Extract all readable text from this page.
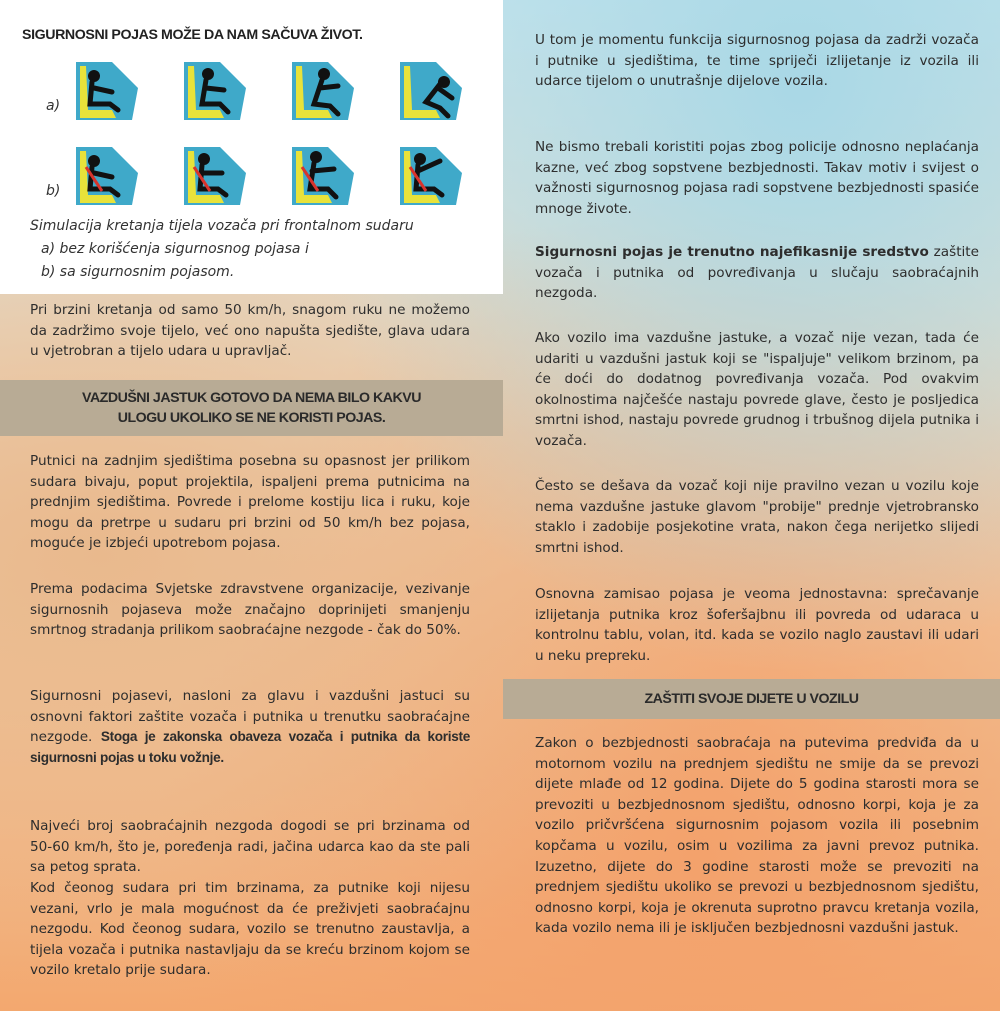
SIGURNOSNI POJAS MOŽE DA NAM SAČUVA ŽIVOT.
a)
b)
Simulacija kretanja tijela vozača pri frontalnom sudaru
a) bez korišćenja sigurnosnog pojasa i
b) sa sigurnosnim pojasom.

Pri brzini kretanja od samo 50 km/h, snagom ruku ne možemo da zadržimo svoje tijelo, već ono napušta sjedište, glava udara u vjetrobran a tijelo udara u upravljač.

VAZDUŠNI JASTUK GOTOVO DA NEMA BILO KAKVU
ULOGU UKOLIKO SE NE KORISTI POJAS.

Putnici na zadnjim sjedištima posebna su opasnost jer prilikom sudara bivaju, poput projektila, ispaljeni prema putnicima na prednjim sjedištima. Povrede i prelome kostiju lica i ruku, koje mogu da pretrpe u sudaru pri brzini od 50 km/h bez pojasa, moguće je izbjeći upotrebom pojasa.

Prema podacima Svjetske zdravstvene organizacije, vezivanje sigurnosnih pojaseva može značajno doprinijeti smanjenju smrtnog stradanja prilikom saobraćajne nezgode - čak do 50%.

Sigurnosni pojasevi, nasloni za glavu i vazdušni jastuci su osnovni faktori zaštite vozača i putnika u trenutku saobraćajne nezgode. Stoga je zakonska obaveza vozača i putnika da koriste sigurnosni pojas u toku vožnje.

Najveći broj saobraćajnih nezgoda dogodi se pri brzinama od 50-60 km/h, što je, poređenja radi, jačina udarca kao da ste pali sa petog sprata.

Kod čeonog sudara pri tim brzinama, za putnike koji nijesu vezani, vrlo je mala mogućnost da će preživjeti saobraćajnu nezgodu. Kod čeonog sudara, vozilo se trenutno zaustavlja, a tijela vozača i putnika nastavljaju da se kreću brzinom kojom se vozilo kretalo prije sudara.

U tom je momentu funkcija sigurnosnog pojasa da zadrži vozača i putnike u sjedištima, te time spriječi izlijetanje iz vozila ili udarce tijelom o unutrašnje dijelove vozila.

Ne bismo trebali koristiti pojas zbog policije odnosno neplaćanja kazne, već zbog sopstvene bezbjednosti. Takav motiv i svijest o važnosti sigurnosnog pojasa radi sopstvene bezbjednosti spasiće mnoge živote.

Sigurnosni pojas je trenutno najefikasnije sredstvo zaštite vozača i putnika od povređivanja u slučaju saobraćajnih nezgoda.

Ako vozilo ima vazdušne jastuke, a vozač nije vezan, tada će udariti u vazdušni jastuk koji se "ispaljuje" velikom brzinom, pa će doći do dodatnog povređivanja vozača. Pod ovakvim okolnostima najčešće nastaju povrede glave, često je posljedica smrtni ishod, nastaju povrede grudnog i trbušnog dijela putnika i vozača.

Često se dešava da vozač koji nije pravilno vezan u vozilu koje nema vazdušne jastuke glavom "probije" prednje vjetrobransko staklo i zadobije posjekotine vrata, nakon čega nerijetko slijedi smrtni ishod.

Osnovna zamisao pojasa je veoma jednostavna: sprečavanje izlijetanja putnika kroz šoferšajbnu ili povreda od udaraca u kontrolnu tablu, volan, itd. kada se vozilo naglo zaustavi ili udari u neku prepreku.

ZAŠTITI SVOJE DIJETE U VOZILU

Zakon o bezbjednosti saobraćaja na putevima predviđa da u motornom vozilu na prednjem sjedištu ne smije da se prevozi dijete mlađe od 12 godina. Dijete do 5 godina starosti mora se prevoziti u bezbjednosnom sjedištu, odnosno korpi, koja je za vozilo pričvršćena sigurnosnim pojasom vozila ili posebnim kopčama u vozilu, osim u vozilima za javni prevoz putnika. Izuzetno, dijete do 3 godine starosti može se prevoziti na prednjem sjedištu ukoliko se prevozi u bezbjednosnom sjedištu, odnosno korpi, koja je okrenuta suprotno pravcu kretanja vozila, kada vozilo nema ili je isključen bezbjednosni vazdušni jastuk.
